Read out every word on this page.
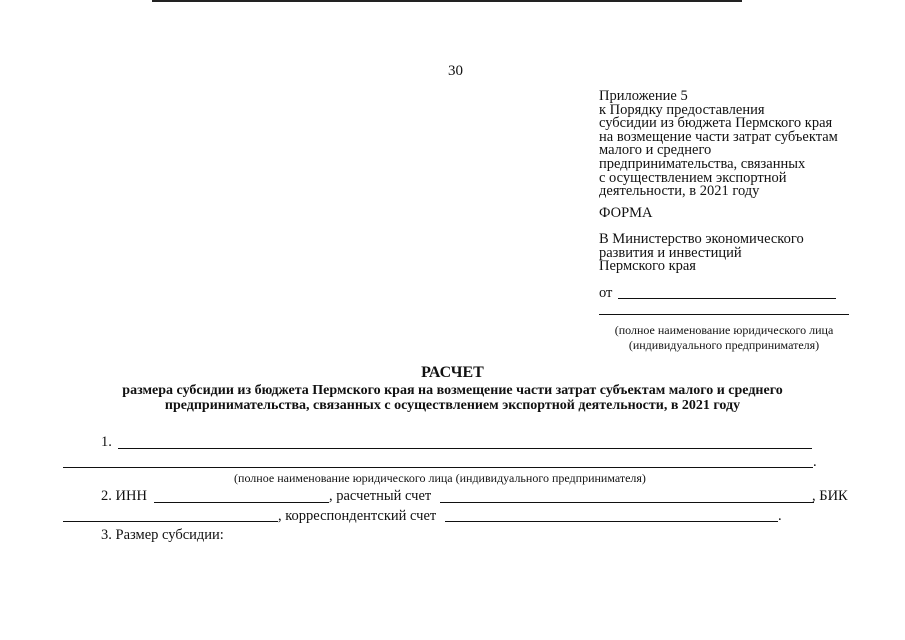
30
Приложение 5
к Порядку предоставления
субсидии из бюджета Пермского края
на возмещение части затрат субъектам
малого и среднего
предпринимательства, связанных
с осуществлением экспортной
деятельности, в 2021 году
ФОРМА
В Министерство экономического
развития и инвестиций
Пермского края
от
(полное наименование юридического лица
(индивидуального предпринимателя)
РАСЧЕТ
размера субсидии из бюджета Пермского края на возмещение части затрат субъектам малого и среднего
предпринимательства, связанных с осуществлением экспортной деятельности, в 2021 году
1.
.
(полное наименование юридического лица (индивидуального предпринимателя)
2. ИНН	, расчетный счет	, БИК
, корреспондентский счет	.
3. Размер субсидии:
